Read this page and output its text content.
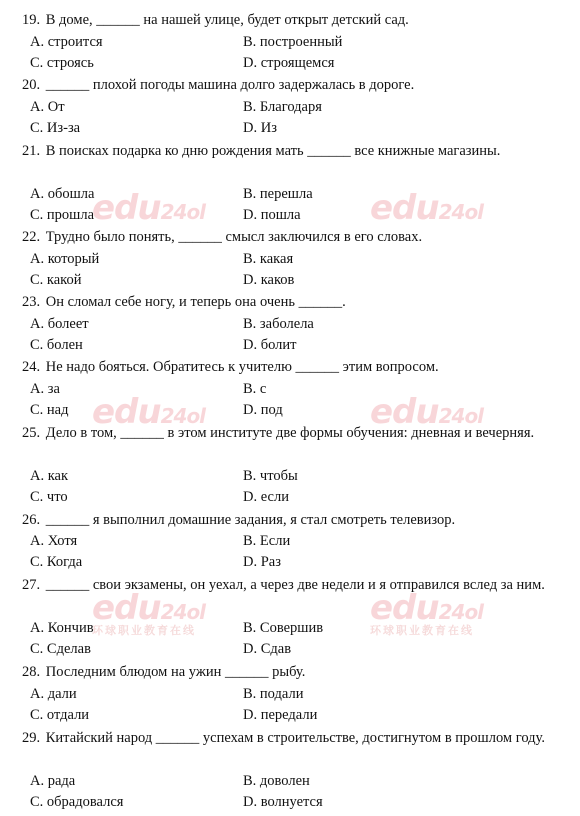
edu24ol	edu24ol
edu24ol	edu24ol
edu24ol
环球职业教育在线
edu24ol
环球职业教育在线
19. В доме, ______ на нашей улице, будет открыт детский сад.
A. строится	B. построенный
C. строясь	D. строящемся
20. ______ плохой погоды машина долго задержалась в дороге.
A. От	B. Благодаря
C. Из-за	D. Из
21. В поисках подарка ко дню рождения мать ______ все книжные магазины.
A. обошла	B. перешла
C. прошла	D. пошла
22. Трудно было понять, ______ смысл заключился в его словах.
A. который	B. какая
C. какой	D. каков
23. Он сломал себе ногу, и теперь она очень ______.
A. болеет	B. заболела
C. болен	D. болит
24. Не надо бояться. Обратитесь к учителю ______ этим вопросом.
A. за	B. с
C. над	D. под
25. Дело в том, ______ в этом институте две формы обучения: дневная и вечерняя.
A. как	B. чтобы
C. что	D. если
26. ______ я выполнил домашние задания, я стал смотреть телевизор.
A. Хотя	B. Если
C. Когда	D. Раз
27. ______ свои экзамены, он уехал, а через две недели и я отправился вслед за ним.
A. Кончив	B. Совершив
C. Сделав	D. Сдав
28. Последним блюдом на ужин ______ рыбу.
A. дали	B. подали
C. отдали	D. передали
29. Китайский народ ______ успехам в строительстве, достигнутом в прошлом году.
A. рада	B. доволен
C. обрадовался	D. волнуется
